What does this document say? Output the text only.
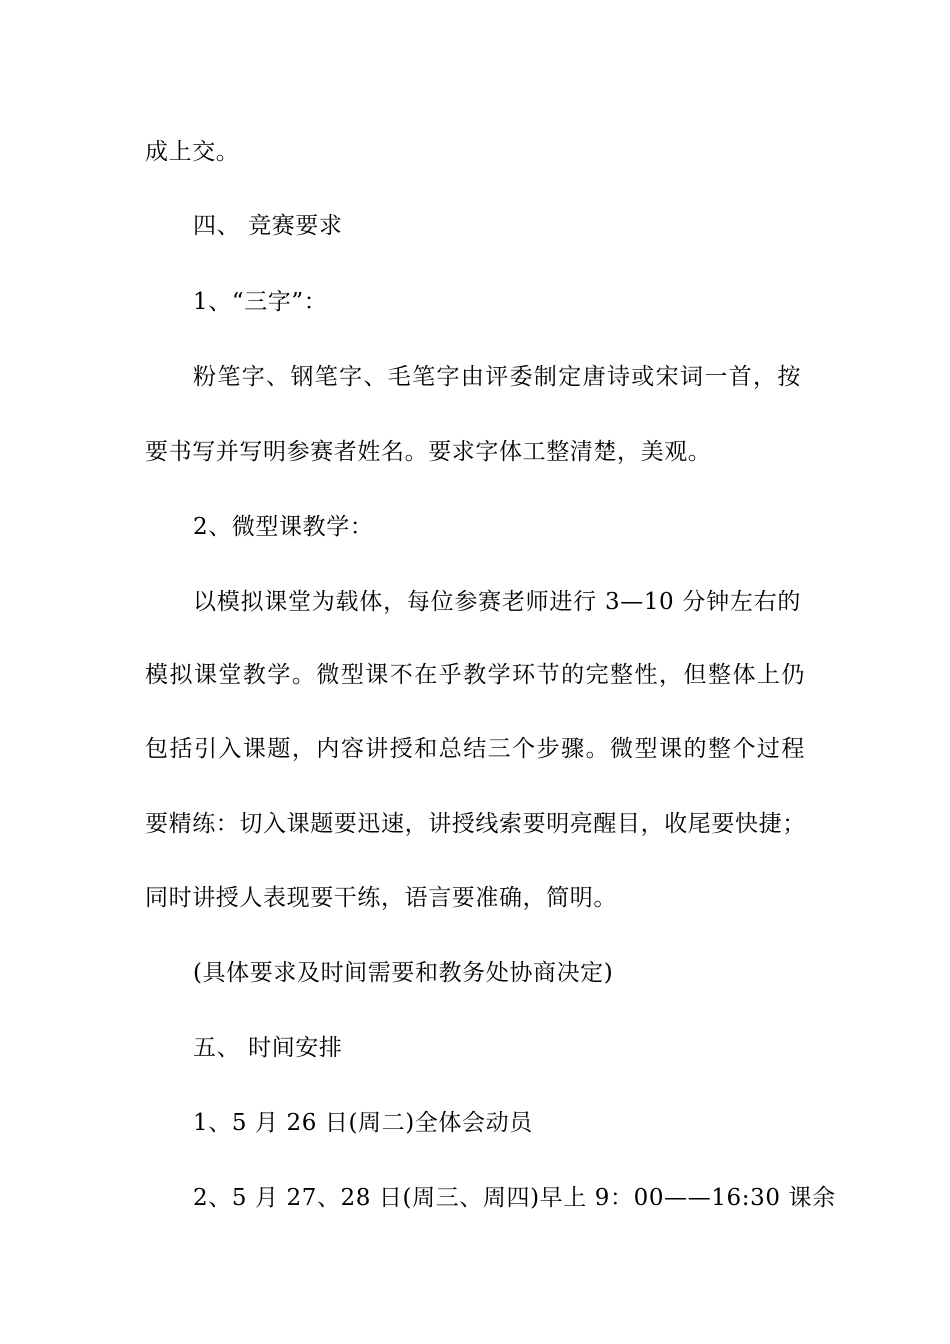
成上交。
四、 竞赛要求
1、“三字”：
粉笔字、钢笔字、毛笔字由评委制定唐诗或宋词一首，按
要书写并写明参赛者姓名。要求字体工整清楚，美观。
2、微型课教学：
以模拟课堂为载体，每位参赛老师进行 3—10 分钟左右的
模拟课堂教学。微型课不在乎教学环节的完整性，但整体上仍
包括引入课题，内容讲授和总结三个步骤。微型课的整个过程
要精练：切入课题要迅速，讲授线索要明亮醒目，收尾要快捷；
同时讲授人表现要干练，语言要准确，简明。
(具体要求及时间需要和教务处协商决定)
五、 时间安排
1、5 月 26 日(周二)全体会动员
2、5 月 27、28 日(周三、周四)早上 9：00——16:30 课余
